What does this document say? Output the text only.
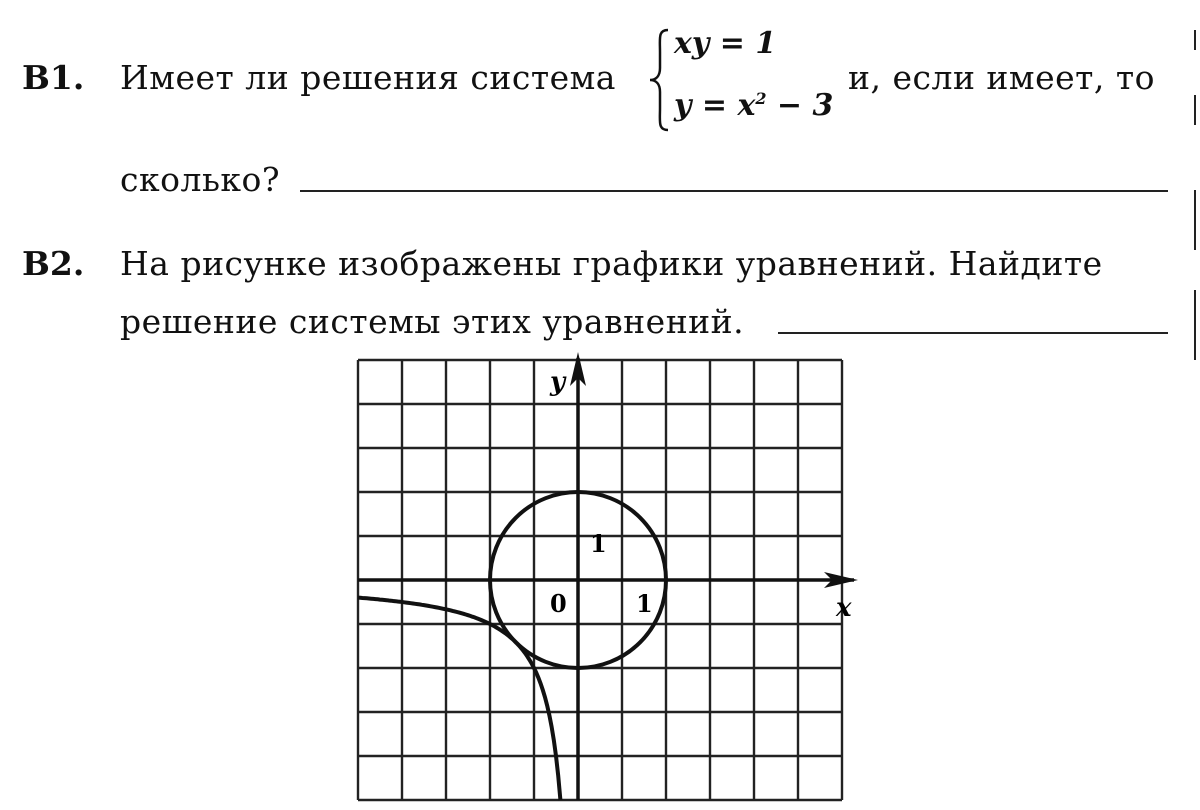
B1. Имеет ли решения система
xy = 1
$y = x^2 - 3$
и, если имеет, то
сколько?
B2. На рисунке изображены графики уравнений. Найдите
решение системы этих уравнений.
y
x
0	1
1
